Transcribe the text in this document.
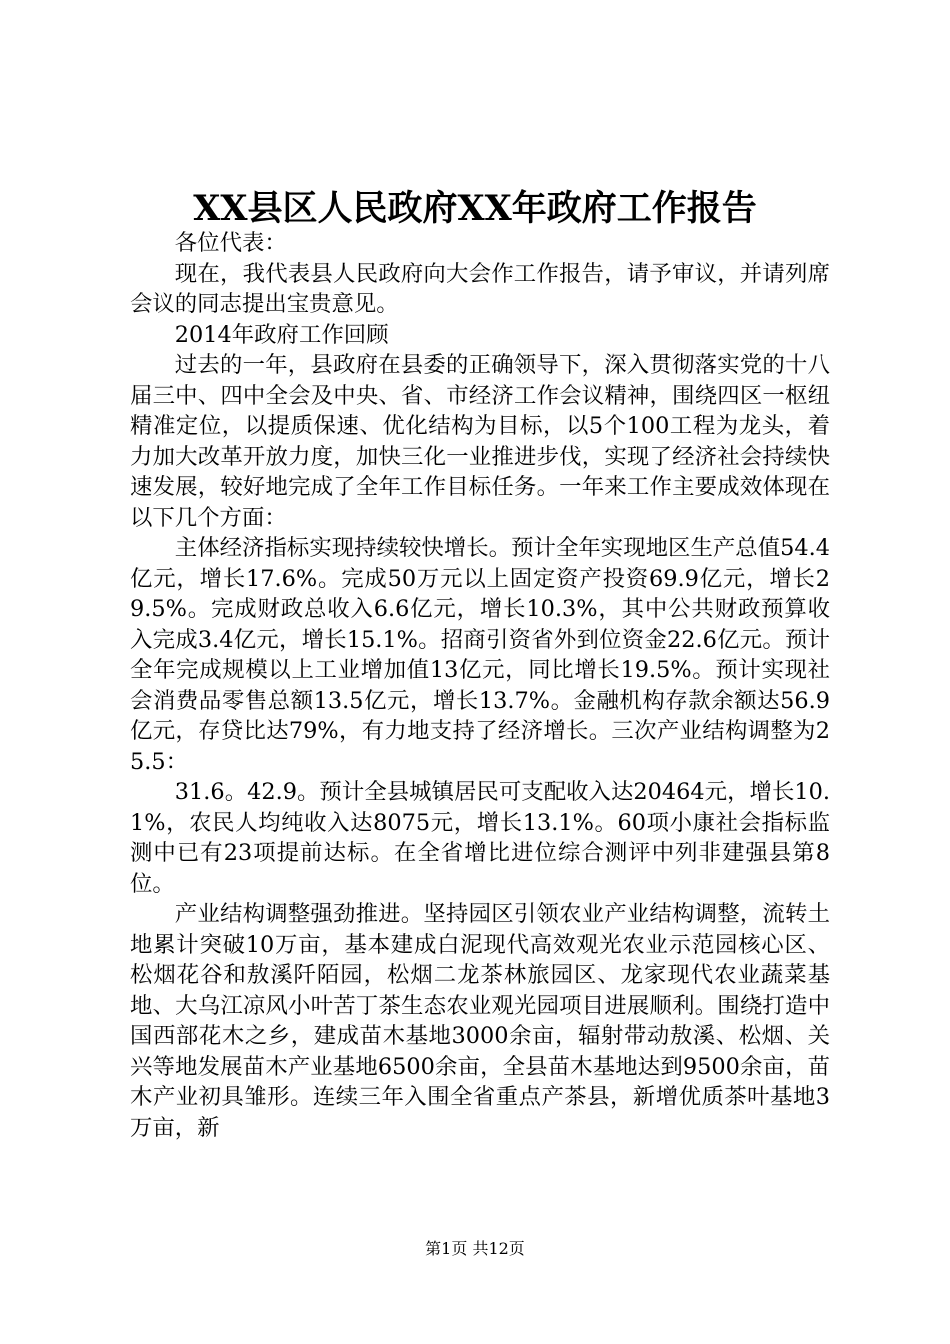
XX县区人民政府XX年政府工作报告

各位代表：

现在，我代表县人民政府向大会作工作报告，请予审议，并请列席会议的同志提出宝贵意见。

2014年政府工作回顾

过去的一年，县政府在县委的正确领导下，深入贯彻落实党的十八届三中、四中全会及中央、省、市经济工作会议精神，围绕四区一枢纽精准定位，以提质保速、优化结构为目标，以5个100工程为龙头，着力加大改革开放力度，加快三化一业推进步伐，实现了经济社会持续快速发展，较好地完成了全年工作目标任务。一年来工作主要成效体现在以下几个方面：

主体经济指标实现持续较快增长。预计全年实现地区生产总值54.4亿元，增长17.6%。完成50万元以上固定资产投资69.9亿元，增长29.5%。完成财政总收入6.6亿元，增长10.3%，其中公共财政预算收入完成3.4亿元，增长15.1%。招商引资省外到位资金22.6亿元。预计全年完成规模以上工业增加值13亿元，同比增长19.5%。预计实现社会消费品零售总额13.5亿元，增长13.7%。金融机构存款余额达56.9亿元，存贷比达79%，有力地支持了经济增长。三次产业结构调整为25.5：

31.6。42.9。预计全县城镇居民可支配收入达20464元，增长10.1%，农民人均纯收入达8075元，增长13.1%。60项小康社会指标监测中已有23项提前达标。在全省增比进位综合测评中列非建强县第8位。

产业结构调整强劲推进。坚持园区引领农业产业结构调整，流转土地累计突破10万亩，基本建成白泥现代高效观光农业示范园核心区、松烟花谷和敖溪阡陌园，松烟二龙茶林旅园区、龙家现代农业蔬菜基地、大乌江凉风小叶苦丁茶生态农业观光园项目进展顺利。围绕打造中国西部花木之乡，建成苗木基地3000余亩，辐射带动敖溪、松烟、关兴等地发展苗木产业基地6500余亩，全县苗木基地达到9500余亩，苗木产业初具雏形。连续三年入围全省重点产茶县，新增优质茶叶基地3万亩，新

第1页 共12页
